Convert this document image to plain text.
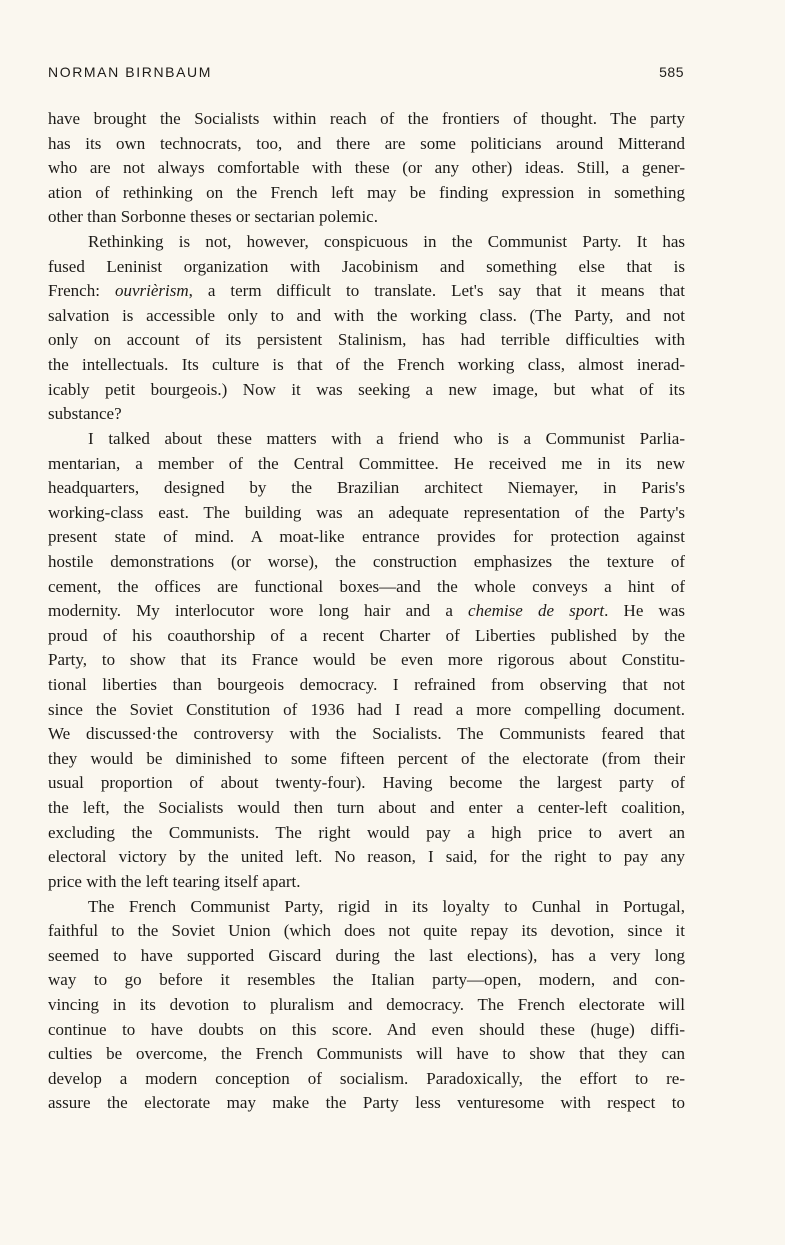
NORMAN BIRNBAUM	585
have brought the Socialists within reach of the frontiers of thought. The party
has its own technocrats, too, and there are some politicians around Mitterand
who are not always comfortable with these (or any other) ideas. Still, a gener-
ation of rethinking on the French left may be finding expression in something
other than Sorbonne theses or sectarian polemic.
Rethinking is not, however, conspicuous in the Communist Party. It has
fused Leninist organization with Jacobinism and something else that is
French: ouvrièrism, a term difficult to translate. Let's say that it means that
salvation is accessible only to and with the working class. (The Party, and not
only on account of its persistent Stalinism, has had terrible difficulties with
the intellectuals. Its culture is that of the French working class, almost inerad-
icably petit bourgeois.) Now it was seeking a new image, but what of its
substance?
I talked about these matters with a friend who is a Communist Parlia-
mentarian, a member of the Central Committee. He received me in its new
headquarters, designed by the Brazilian architect Niemayer, in Paris's
working-class east. The building was an adequate representation of the Party's
present state of mind. A moat-like entrance provides for protection against
hostile demonstrations (or worse), the construction emphasizes the texture of
cement, the offices are functional boxes—and the whole conveys a hint of
modernity. My interlocutor wore long hair and a chemise de sport. He was
proud of his coauthorship of a recent Charter of Liberties published by the
Party, to show that its France would be even more rigorous about Constitu-
tional liberties than bourgeois democracy. I refrained from observing that not
since the Soviet Constitution of 1936 had I read a more compelling document.
We discussed·the controversy with the Socialists. The Communists feared that
they would be diminished to some fifteen percent of the electorate (from their
usual proportion of about twenty-four). Having become the largest party of
the left, the Socialists would then turn about and enter a center-left coalition,
excluding the Communists. The right would pay a high price to avert an
electoral victory by the united left. No reason, I said, for the right to pay any
price with the left tearing itself apart.
The French Communist Party, rigid in its loyalty to Cunhal in Portugal,
faithful to the Soviet Union (which does not quite repay its devotion, since it
seemed to have supported Giscard during the last elections), has a very long
way to go before it resembles the Italian party—open, modern, and con-
vincing in its devotion to pluralism and democracy. The French electorate will
continue to have doubts on this score. And even should these (huge) diffi-
culties be overcome, the French Communists will have to show that they can
develop a modern conception of socialism. Paradoxically, the effort to re-
assure the electorate may make the Party less venturesome with respect to
